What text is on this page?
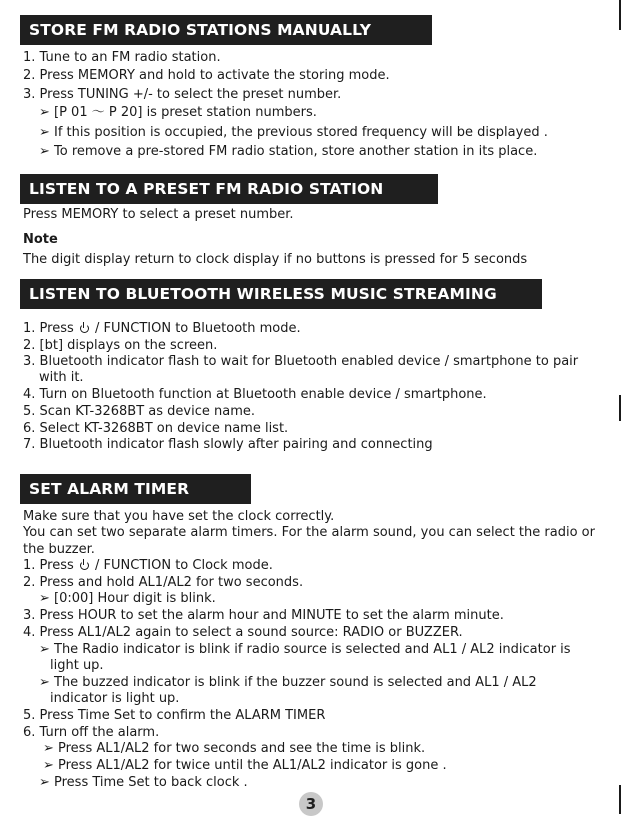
STORE FM RADIO STATIONS MANUALLY
1. Tune to an FM radio station.
2. Press MEMORY and hold to activate the storing mode.
3. Press TUNING +/- to select the preset number.
➢ [P 01 ～ P 20] is preset station numbers.
➢ If this position is occupied, the previous stored frequency will be displayed .
➢ To remove a pre-stored FM radio station, store another station in its place.
LISTEN TO A PRESET FM RADIO STATION
Press MEMORY to select a preset number.
Note
The digit display return to clock display if no buttons is pressed for 5 seconds
LISTEN TO BLUETOOTH WIRELESS MUSIC STREAMING
1. Press / FUNCTION to Bluetooth mode.
2. [bt] displays on the screen.
3. Bluetooth indicator flash to wait for Bluetooth enabled device / smartphone to pair
with it.
4. Turn on Bluetooth function at Bluetooth enable device / smartphone.
5. Scan KT-3268BT as device name.
6. Select KT-3268BT on device name list.
7. Bluetooth indicator flash slowly after pairing and connecting
SET ALARM TIMER
Make sure that you have set the clock correctly.
You can set two separate alarm timers. For the alarm sound, you can select the radio or the buzzer.
1. Press / FUNCTION to Clock mode.
2. Press and hold AL1/AL2 for two seconds.
➢ [0:00] Hour digit is blink.
3. Press HOUR to set the alarm hour and MINUTE to set the alarm minute.
4. Press AL1/AL2 again to select a sound source: RADIO or BUZZER.
➢ The Radio indicator is blink if radio source is selected and AL1 / AL2 indicator is
light up.
➢ The buzzed indicator is blink if the buzzer sound is selected and AL1 / AL2
indicator is light up.
5. Press Time Set to confirm the ALARM TIMER
6. Turn off the alarm.
➢ Press AL1/AL2 for two seconds and see the time is blink.
➢ Press AL1/AL2 for twice until the AL1/AL2 indicator is gone .
➢ Press Time Set to back clock .
3
